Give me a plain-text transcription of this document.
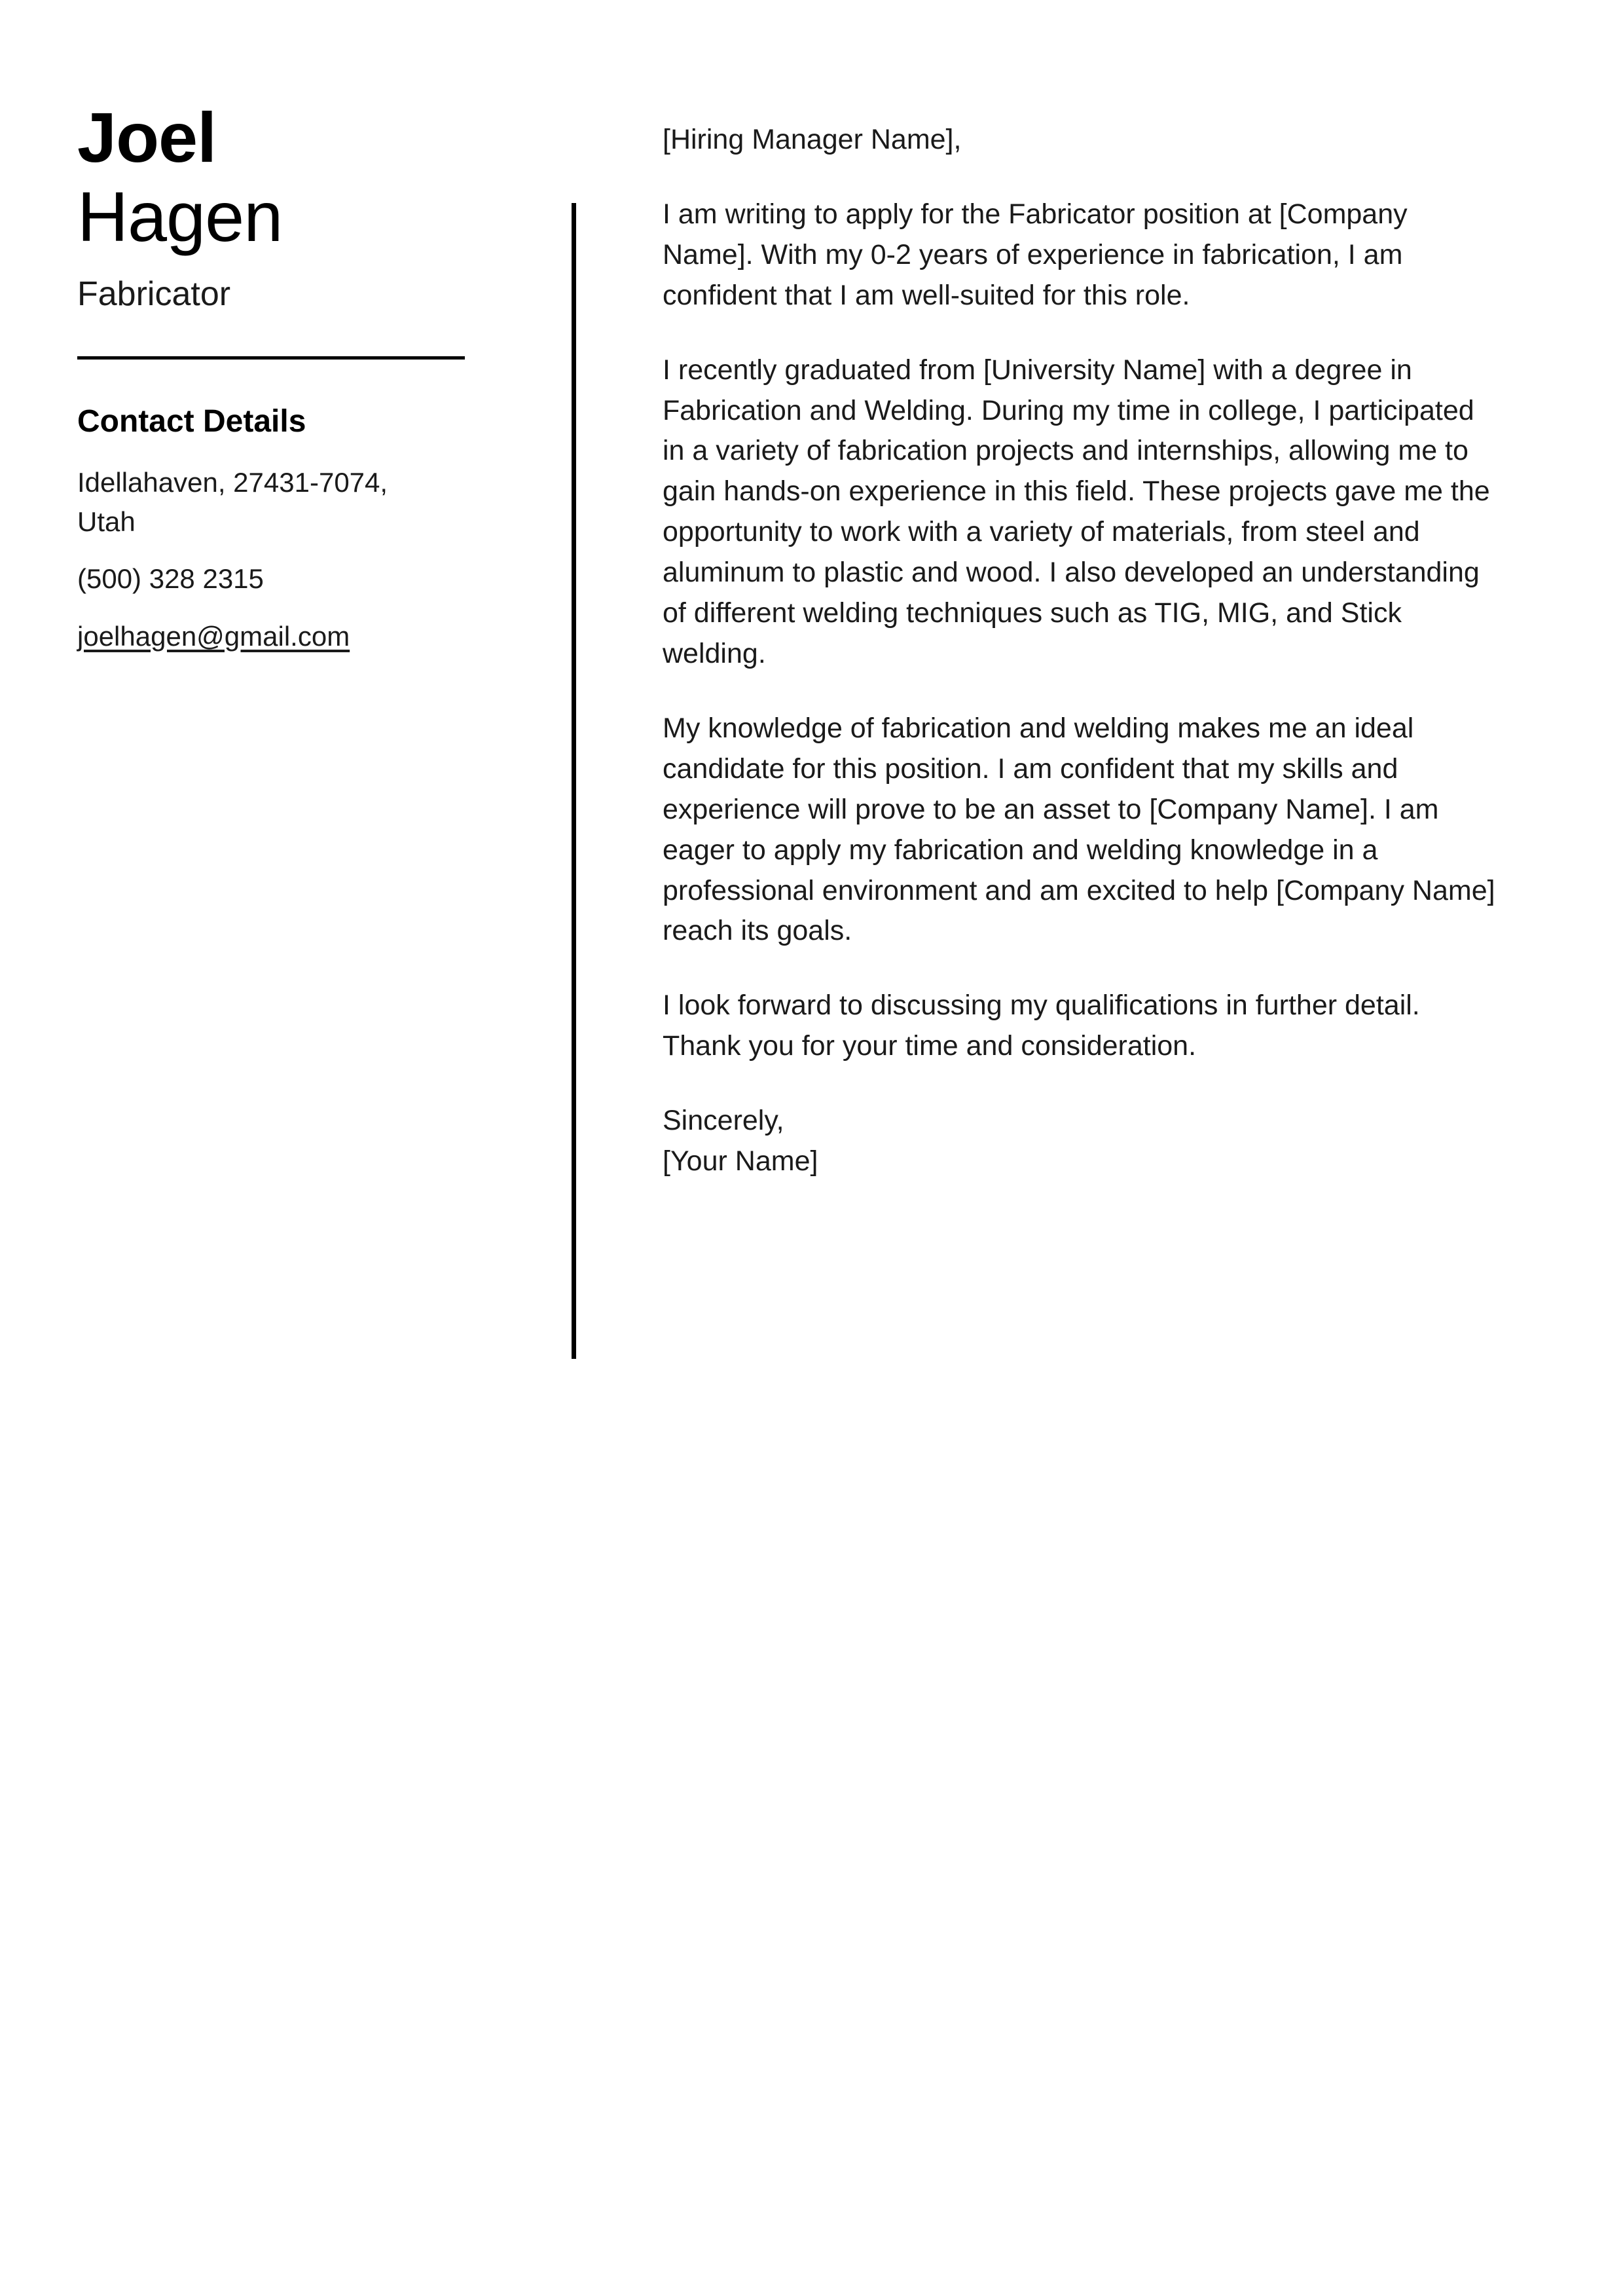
Joel
Hagen
Fabricator
Contact Details
Idellahaven, 27431-7074, Utah
(500) 328 2315
joelhagen@gmail.com

[Hiring Manager Name],

I am writing to apply for the Fabricator position at [Company Name]. With my 0-2 years of experience in fabrication, I am confident that I am well-suited for this role.

I recently graduated from [University Name] with a degree in Fabrication and Welding. During my time in college, I participated in a variety of fabrication projects and internships, allowing me to gain hands-on experience in this field. These projects gave me the opportunity to work with a variety of materials, from steel and aluminum to plastic and wood. I also developed an understanding of different welding techniques such as TIG, MIG, and Stick welding.

My knowledge of fabrication and welding makes me an ideal candidate for this position. I am confident that my skills and experience will prove to be an asset to [Company Name]. I am eager to apply my fabrication and welding knowledge in a professional environment and am excited to help [Company Name] reach its goals.

I look forward to discussing my qualifications in further detail. Thank you for your time and consideration.

Sincerely,
[Your Name]
